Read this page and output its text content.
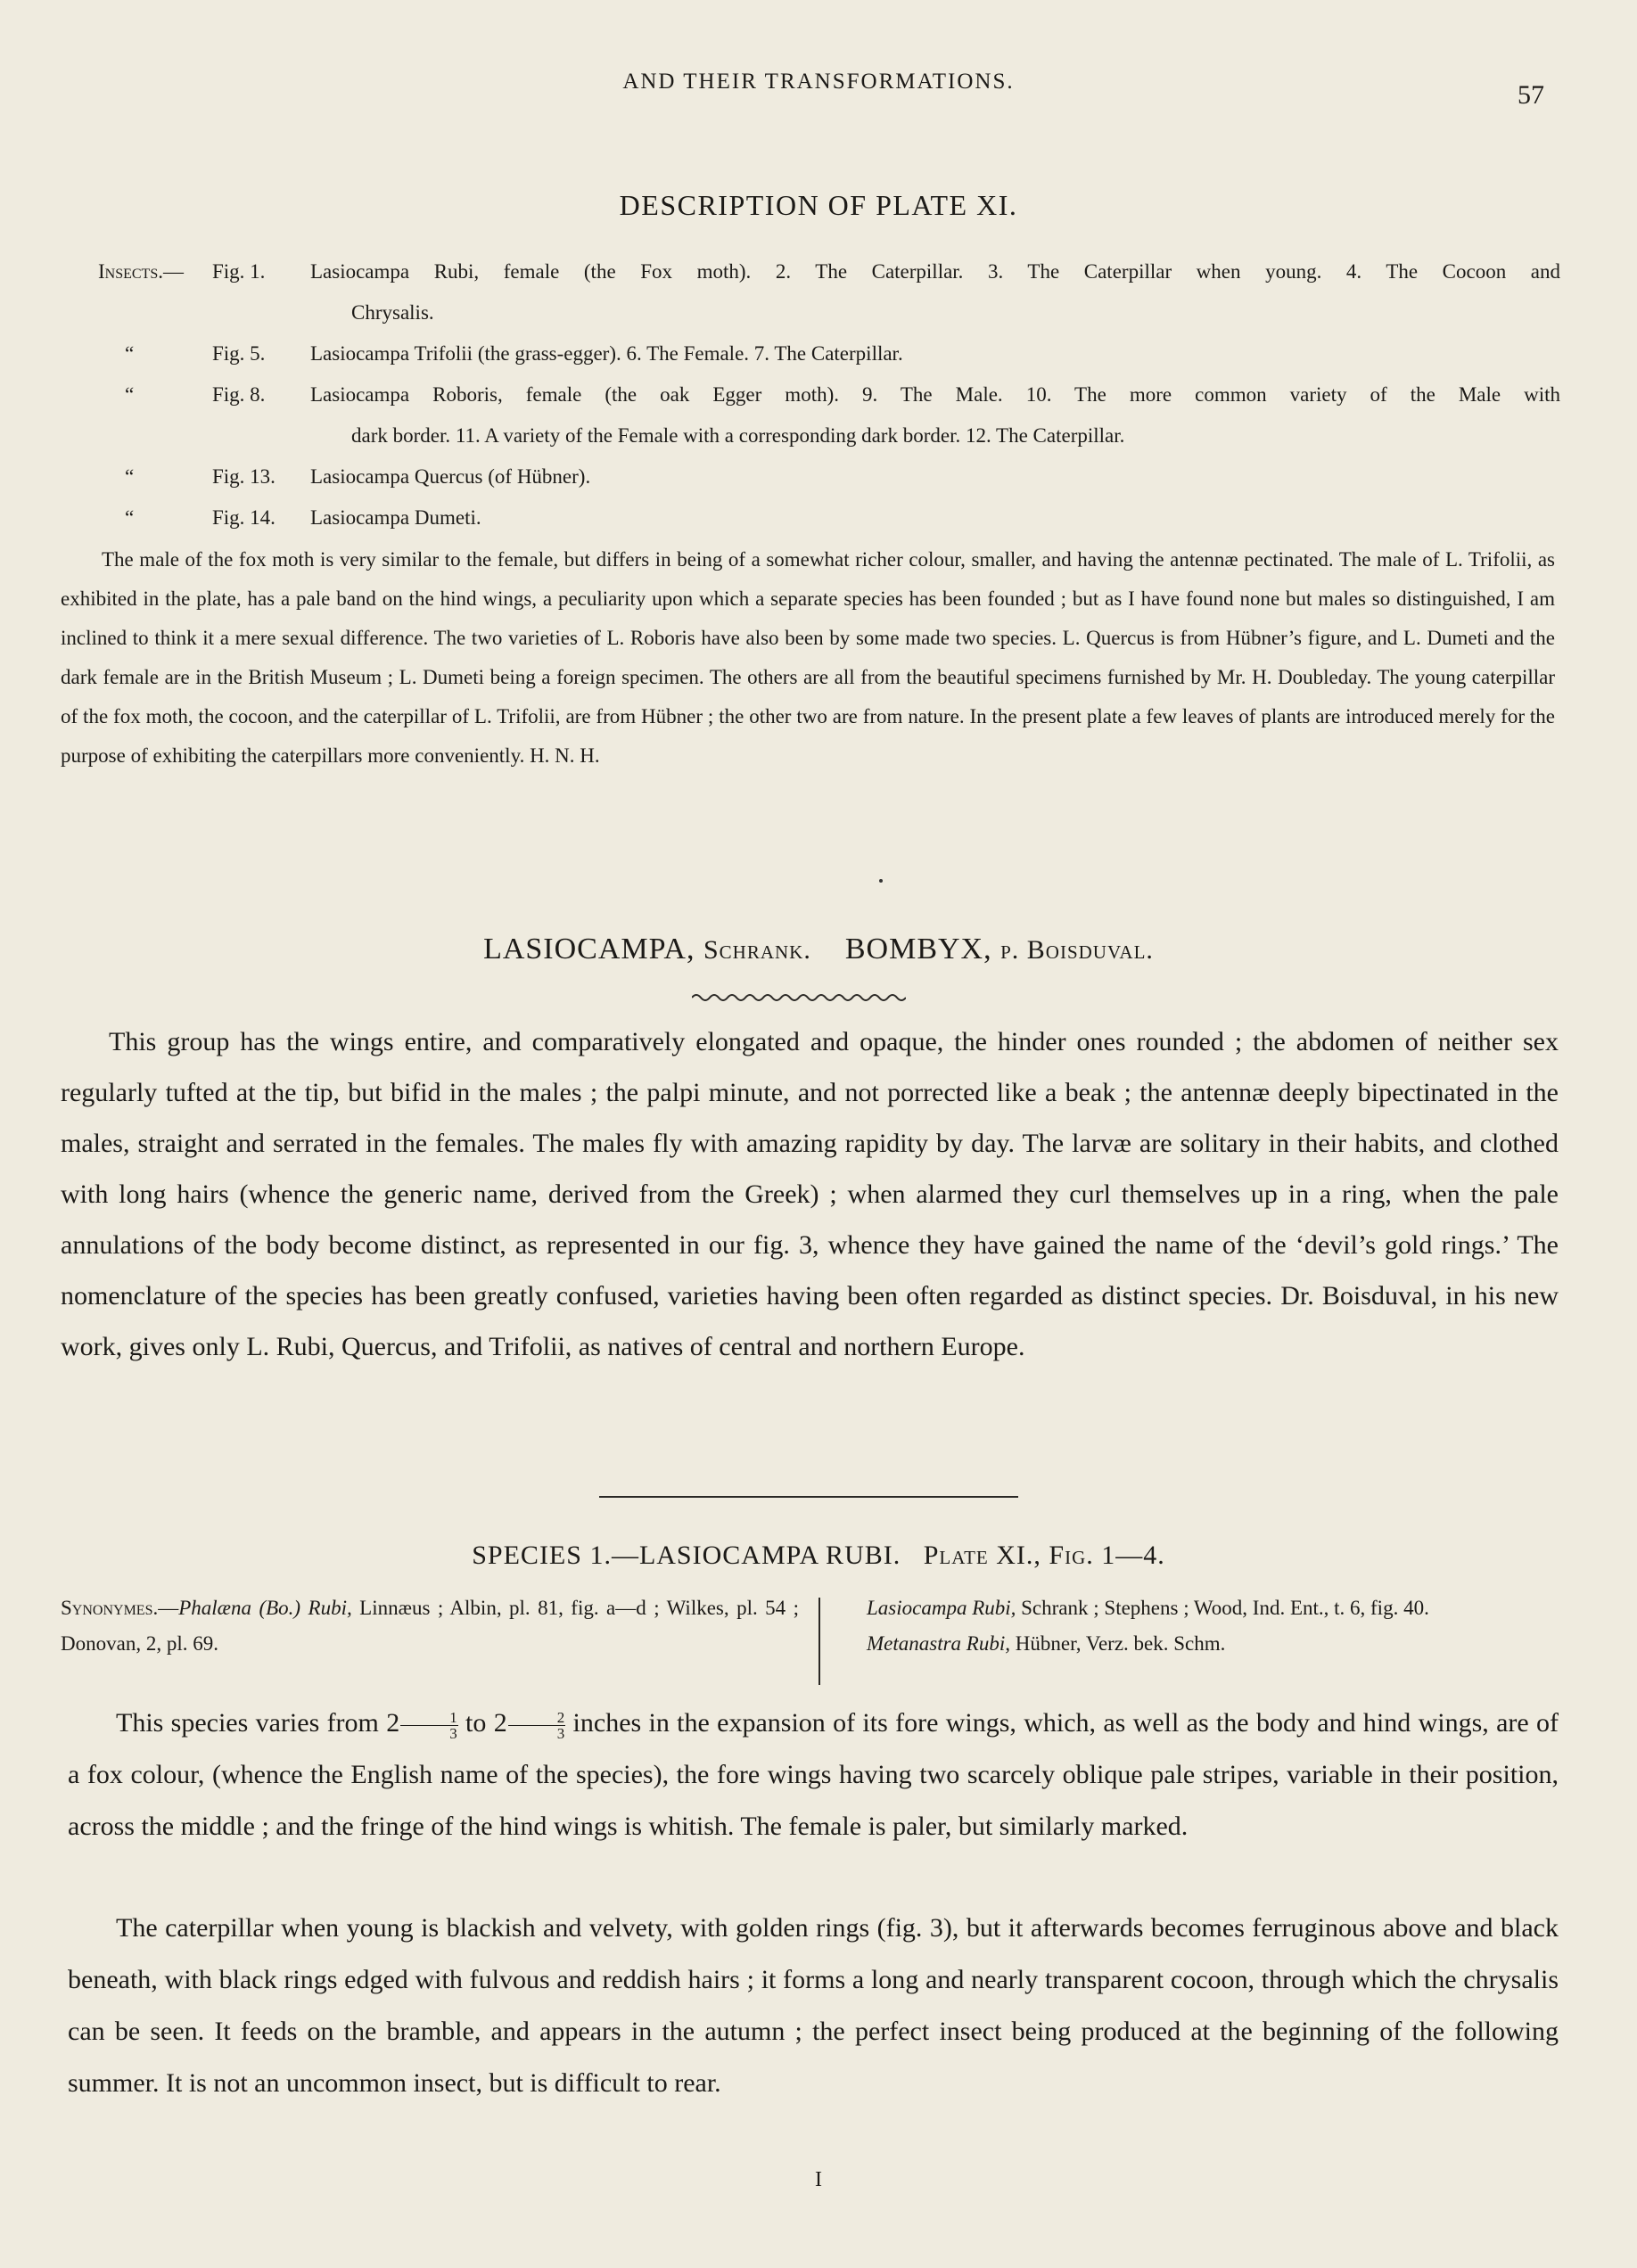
AND THEIR TRANSFORMATIONS.	57
DESCRIPTION OF PLATE XI.
Insects.— Fig. 1. Lasiocampa Rubi, female (the Fox moth). 2. The Caterpillar. 3. The Caterpillar when young. 4. The Cocoon and
Chrysalis.
“	Fig. 5. Lasiocampa Trifolii (the grass-egger). 6. The Female. 7. The Caterpillar.
“	Fig. 8. Lasiocampa Roboris, female (the oak Egger moth). 9. The Male. 10. The more common variety of the Male with
dark border. 11. A variety of the Female with a corresponding dark border. 12. The Caterpillar.
“	Fig. 13. Lasiocampa Quercus (of Hübner).
“	Fig. 14. Lasiocampa Dumeti.
The male of the fox moth is very similar to the female, but differs in being of a somewhat richer colour, smaller, and having the antennæ pectinated. The male of L. Trifolii, as exhibited in the plate, has a pale band on the hind wings, a peculiarity upon which a separate species has been founded ; but as I have found none but males so distinguished, I am inclined to think it a mere sexual difference. The two varieties of L. Roboris have also been by some made two species. L. Quercus is from Hübner’s figure, and L. Dumeti and the dark female are in the British Museum ; L. Dumeti being a foreign specimen. The others are all from the beautiful specimens furnished by Mr. H. Doubleday. The young caterpillar of the fox moth, the cocoon, and the caterpillar of L. Trifolii, are from Hübner ; the other two are from nature. In the present plate a few leaves of plants are introduced merely for the purpose of exhibiting the caterpillars more conveniently. H. N. H.
LASIOCAMPA, Schrank. BOMBYX, p. Boisduval.
This group has the wings entire, and comparatively elongated and opaque, the hinder ones rounded ; the abdomen of neither sex regularly tufted at the tip, but bifid in the males ; the palpi minute, and not porrected like a beak ; the antennæ deeply bipectinated in the males, straight and serrated in the females. The males fly with amazing rapidity by day. The larvæ are solitary in their habits, and clothed with long hairs (whence the generic name, derived from the Greek) ; when alarmed they curl themselves up in a ring, when the pale annulations of the body become distinct, as represented in our fig. 3, whence they have gained the name of the ‘devil’s gold rings.’ The nomenclature of the species has been greatly confused, varieties having been often regarded as distinct species. Dr. Boisduval, in his new work, gives only L. Rubi, Quercus, and Trifolii, as natives of central and northern Europe.
SPECIES 1.—LASIOCAMPA RUBI. Plate XI., Fig. 1—4.
Synonymes.—Phalæna (Bo.) Rubi, Linnæus ; Albin, pl. 81, fig. a—d ; Wilkes, pl. 54 ; Donovan, 2, pl. 69.
Lasiocampa Rubi, Schrank ; Stephens ; Wood, Ind. Ent., t. 6, fig. 40.
Metanastra Rubi, Hübner, Verz. bek. Schm.
This species varies from $2 \frac{1}{3}$ to $2 \frac{2}{3}$ inches in the expansion of its fore wings, which, as well as the body and hind wings, are of a fox colour, (whence the English name of the species), the fore wings having two scarcely oblique pale stripes, variable in their position, across the middle ; and the fringe of the hind wings is whitish. The female is paler, but similarly marked.
The caterpillar when young is blackish and velvety, with golden rings (fig. 3), but it afterwards becomes ferruginous above and black beneath, with black rings edged with fulvous and reddish hairs ; it forms a long and nearly transparent cocoon, through which the chrysalis can be seen. It feeds on the bramble, and appears in the autumn ; the perfect insect being produced at the beginning of the following summer. It is not an uncommon insect, but is difficult to rear.
I
